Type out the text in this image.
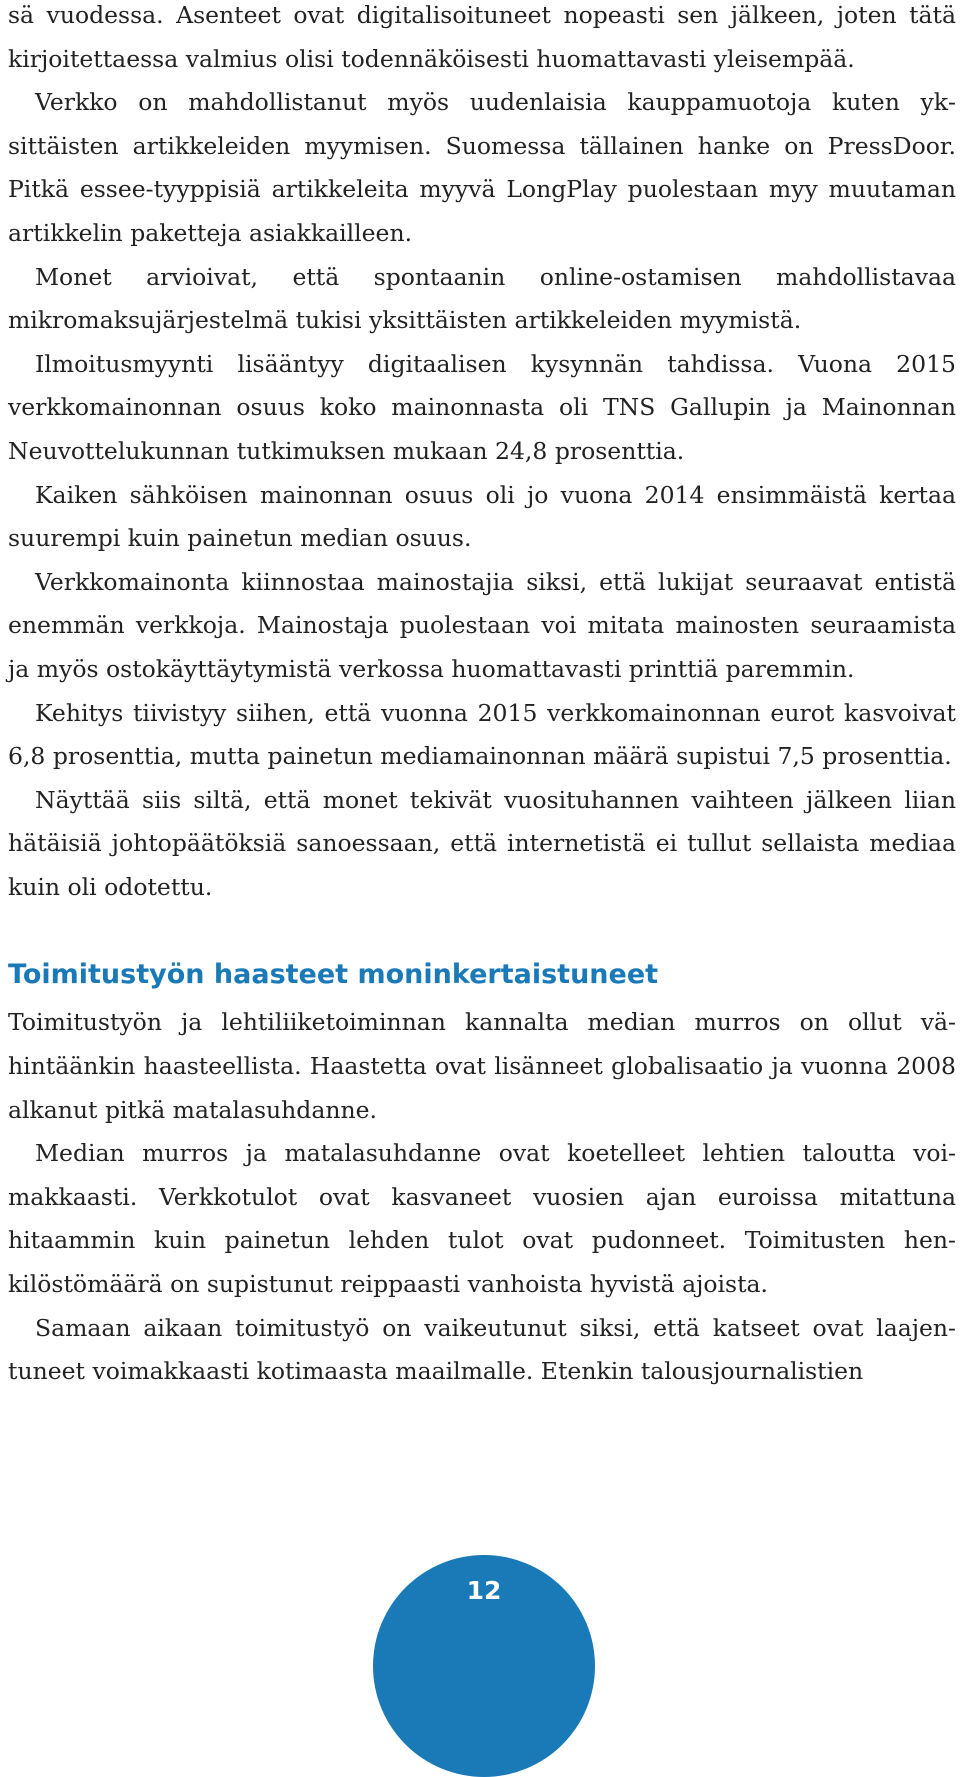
sä vuodessa. Asenteet ovat digitalisoituneet nopeasti sen jälkeen, joten tätä kirjoitettaessa valmius olisi todennäköisesti huomattavasti yleisempää.

Verkko on mahdollistanut myös uudenlaisia kauppamuotoja kuten yksittäisten artikkeleiden myymisen. Suomessa tällainen hanke on PressDoor. Pitkä essee-tyyppisiä artikkeleita myyvä LongPlay puolestaan myy muutaman artikkelin paketteja asiakkailleen.

Monet arvioivat, että spontaanin online-ostamisen mahdollistavaa mikromaksujärjestelmä tukisi yksittäisten artikkeleiden myymistä.

Ilmoitusmyynti lisääntyy digitaalisen kysynnän tahdissa. Vuona 2015 verkkomainonnan osuus koko mainonnasta oli TNS Gallupin ja Mainonnan Neuvottelukunnan tutkimuksen mukaan 24,8 prosenttia.

Kaiken sähköisen mainonnan osuus oli jo vuona 2014 ensimmäistä kertaa suurempi kuin painetun median osuus.

Verkkomainonta kiinnostaa mainostajia siksi, että lukijat seuraavat entistä enemmän verkkoja. Mainostaja puolestaan voi mitata mainosten seuraamista ja myös ostokäyttäytymistä verkossa huomattavasti printtiä paremmin.

Kehitys tiivistyy siihen, että vuonna 2015 verkkomainonnan eurot kasvoivat 6,8 prosenttia, mutta painetun mediamainonnan määrä supistui 7,5 prosenttia.

Näyttää siis siltä, että monet tekivät vuosituhannen vaihteen jälkeen liian hätäisiä johtopäätöksiä sanoessaan, että internetistä ei tullut sellaista mediaa kuin oli odotettu.

Toimitustyön haasteet moninkertaistuneet

Toimitustyön ja lehtiliiketoiminnan kannalta median murros on ollut vähintäänkin haasteellista. Haastetta ovat lisänneet globalisaatio ja vuonna 2008 alkanut pitkä matalasuhdanne.

Median murros ja matalasuhdanne ovat koetelleet lehtien taloutta voimakkaasti. Verkkotulot ovat kasvaneet vuosien ajan euroissa mitattuna hitaammin kuin painetun lehden tulot ovat pudonneet. Toimitusten henkilöstömäärä on supistunut reippaasti vanhoista hyvistä ajoista.

Samaan aikaan toimitustyö on vaikeutunut siksi, että katseet ovat laajentuneet voimakkaasti kotimaasta maailmalle. Etenkin talousjournalistien

12
